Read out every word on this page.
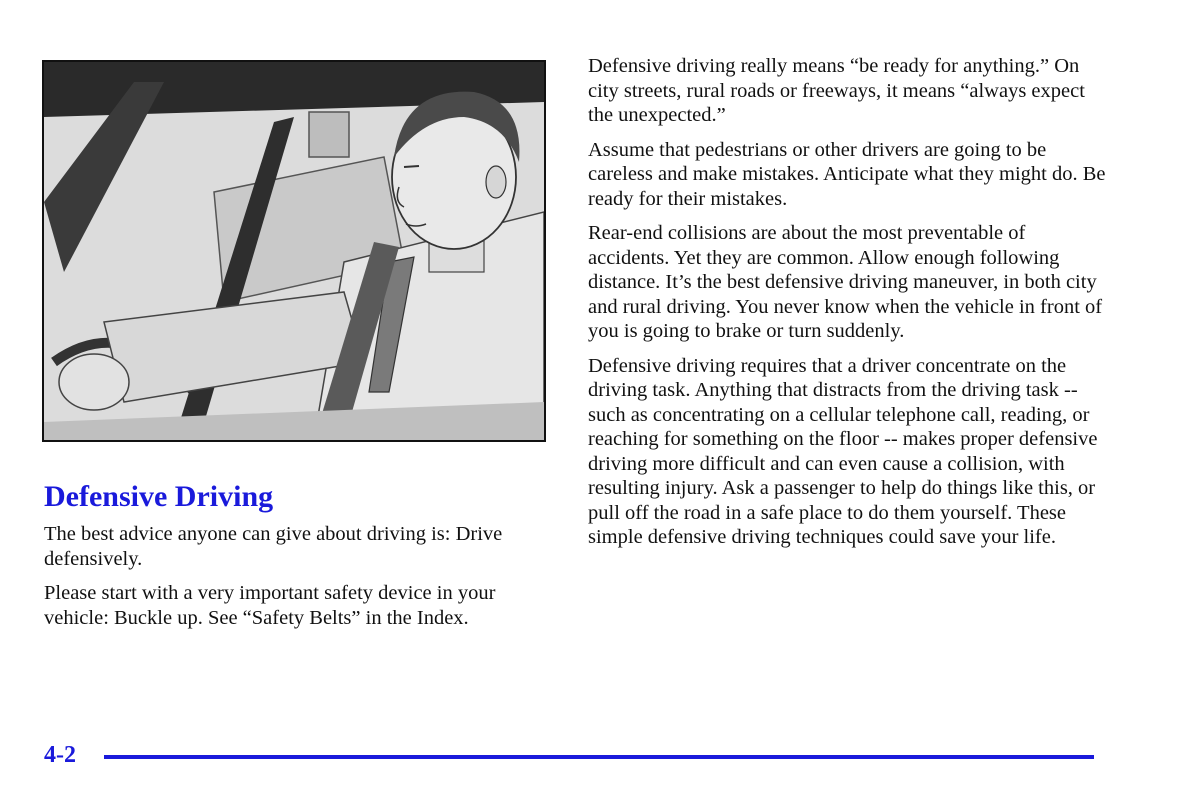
Defensive Driving

The best advice anyone can give about driving is: Drive defensively.

Please start with a very important safety device in your vehicle: Buckle up. See “Safety Belts” in the Index.

Defensive driving really means “be ready for anything.” On city streets, rural roads or freeways, it means “always expect the unexpected.”

Assume that pedestrians or other drivers are going to be careless and make mistakes. Anticipate what they might do. Be ready for their mistakes.

Rear-end collisions are about the most preventable of accidents. Yet they are common. Allow enough following distance. It’s the best defensive driving maneuver, in both city and rural driving. You never know when the vehicle in front of you is going to brake or turn suddenly.

Defensive driving requires that a driver concentrate on the driving task. Anything that distracts from the driving task -- such as concentrating on a cellular telephone call, reading, or reaching for something on the floor -- makes proper defensive driving more difficult and can even cause a collision, with resulting injury. Ask a passenger to help do things like this, or pull off the road in a safe place to do them yourself. These simple defensive driving techniques could save your life.

4-2
